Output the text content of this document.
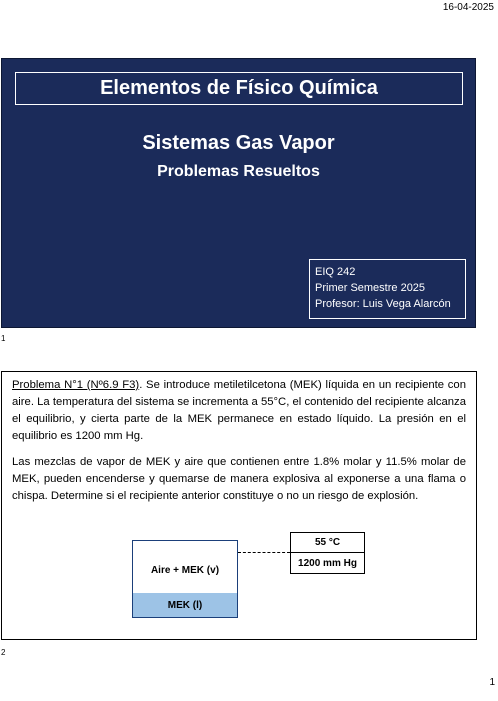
16-04-2025
Elementos de Físico Química
Sistemas Gas Vapor
Problemas Resueltos
EIQ 242
Primer Semestre 2025
Profesor: Luis Vega Alarcón
1

Problema N°1 (Nº6.9 F3). Se introduce metiletilcetona (MEK) líquida en un recipiente con aire. La temperatura del sistema se incrementa a 55°C, el contenido del recipiente alcanza el equilibrio, y cierta parte de la MEK permanece en estado líquido. La presión en el equilibrio es 1200 mm Hg.

Las mezclas de vapor de MEK y aire que contienen entre 1.8% molar y 11.5% molar de MEK, pueden encenderse y quemarse de manera explosiva al exponerse a una flama o chispa. Determine si el recipiente anterior constituye o no un riesgo de explosión.

Aire + MEK (v)
MEK (l)
55 °C
1200 mm Hg
2
1
